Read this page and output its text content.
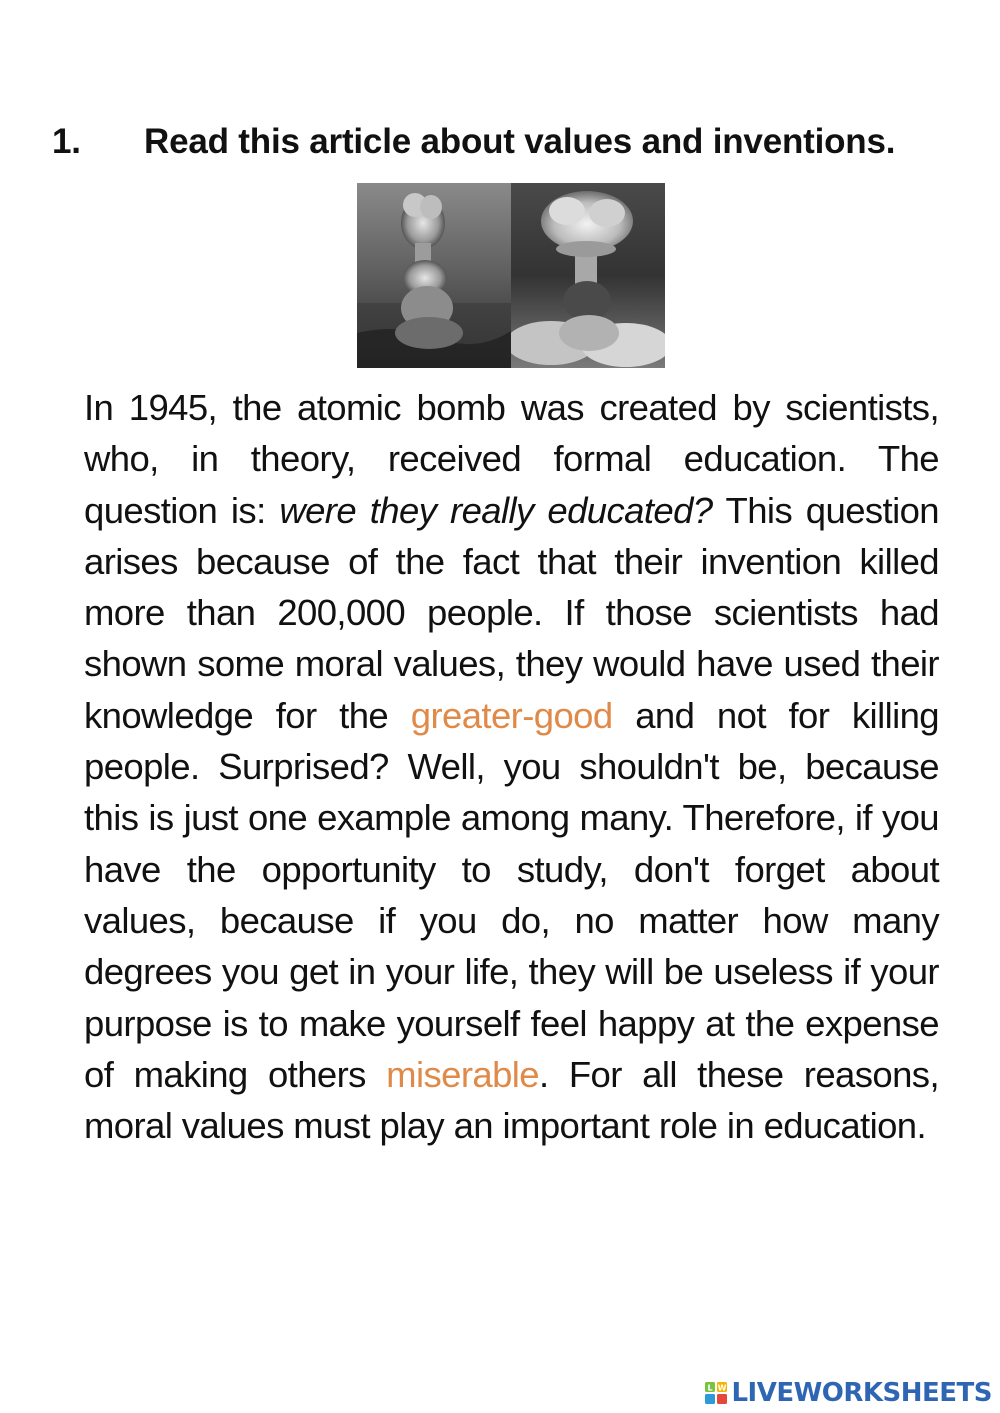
1. Read this article about values and inventions.

In 1945, the atomic bomb was created by scientists, who, in theory, received formal education. The question is: were they really educated? This question arises because of the fact that their invention killed more than 200,000 people. If those scientists had shown some moral values, they would have used their knowledge for the greater-good and not for killing people. Surprised? Well, you shouldn't be, because this is just one example among many. Therefore, if you have the opportunity to study, don't forget about values, because if you do, no matter how many degrees you get in your life, they will be useless if your purpose is to make yourself feel happy at the expense of making others miserable. For all these reasons, moral values must play an important role in education.

L W LIVEWORKSHEETS
